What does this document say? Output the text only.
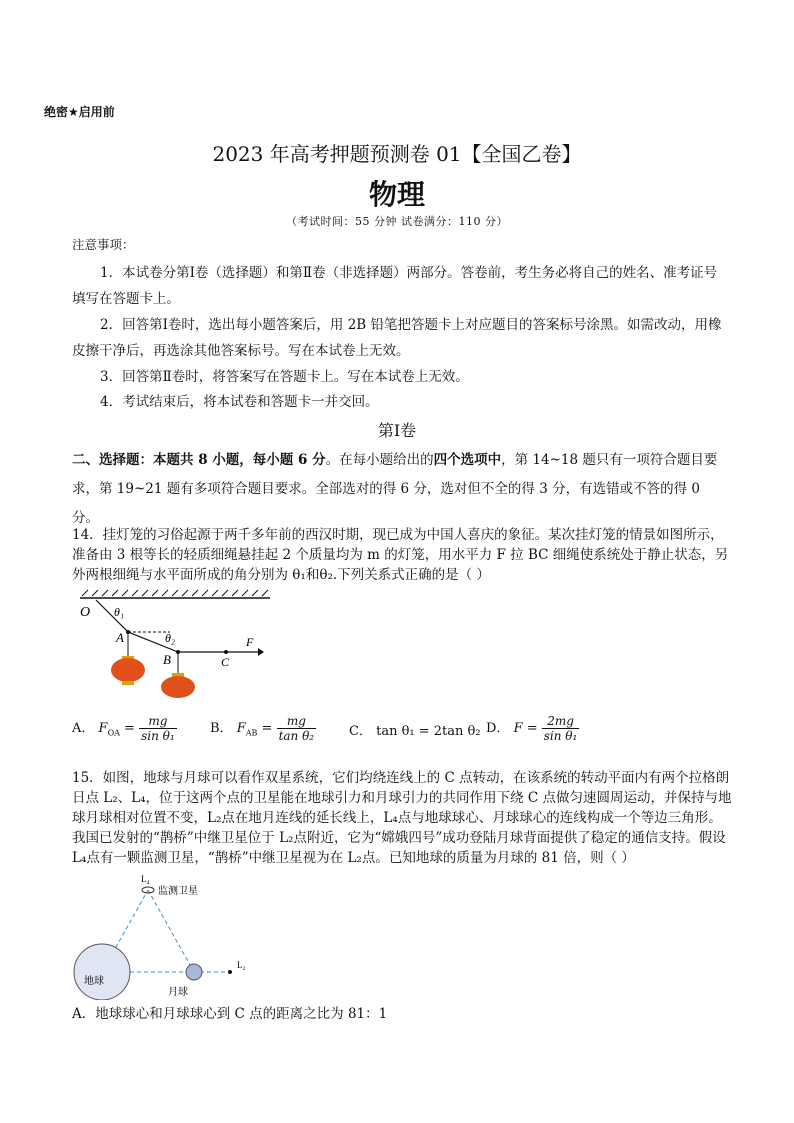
绝密★启用前
2023 年高考押题预测卷 01【全国乙卷】
物理
（考试时间：55 分钟 试卷满分：110 分）
注意事项：
1．本试卷分第Ⅰ卷（选择题）和第Ⅱ卷（非选择题）两部分。答卷前，考生务必将自己的姓名、准考证号填写在答题卡上。
2．回答第Ⅰ卷时，选出每小题答案后，用 2B 铅笔把答题卡上对应题目的答案标号涂黑。如需改动，用橡皮擦干净后，再选涂其他答案标号。写在本试卷上无效。
3．回答第Ⅱ卷时，将答案写在答题卡上。写在本试卷上无效。
4．考试结束后，将本试卷和答题卡一并交回。
第Ⅰ卷
二、选择题：本题共 8 小题，每小题 6 分。在每小题给出的四个选项中，第 14~18 题只有一项符合题目要求，第 19~21 题有多项符合题目要求。全部选对的得 6 分，选对但不全的得 3 分，有选错或不答的得 0 分。
14．挂灯笼的习俗起源于两千多年前的西汉时期，现已成为中国人喜庆的象征。某次挂灯笼的情景如图所示，准备由 3 根等长的轻质细绳悬挂起 2 个质量均为 m 的灯笼，用水平力 F 拉 BC 细绳使系统处于静止状态，另外两根细绳与水平面所成的角分别为 θ₁和θ₂.下列关系式正确的是（ ）
O
A
B	C
F
θ₁
θ₂
A． $F_{OA} = \frac{mg}{\text{sin θ₁}}$	B． $F_{AB} = \frac{mg}{\text{tan θ₂}}$	C． tan θ₁ = 2tan θ₂ D． $F = \frac{2mg}{\text{sin θ₁}}$
15．如图，地球与月球可以看作双星系统，它们均绕连线上的 C 点转动，在该系统的转动平面内有两个拉格朗日点 L₂、L₄，位于这两个点的卫星能在地球引力和月球引力的共同作用下绕 C 点做匀速圆周运动，并保持与地球月球相对位置不变，L₂点在地月连线的延长线上，L₄点与地球球心、月球球心的连线构成一个等边三角形。我国已发射的“鹊桥”中继卫星位于 L₂点附近，它为“嫦娥四号”成功登陆月球背面提供了稳定的通信支持。假设 L₄点有一颗监测卫星，“鹊桥”中继卫星视为在 L₂点。已知地球的质量为月球的 81 倍，则（ ）
L₄
监测卫星
地球
月球
L₂
A．地球球心和月球球心到 C 点的距离之比为 81：1
